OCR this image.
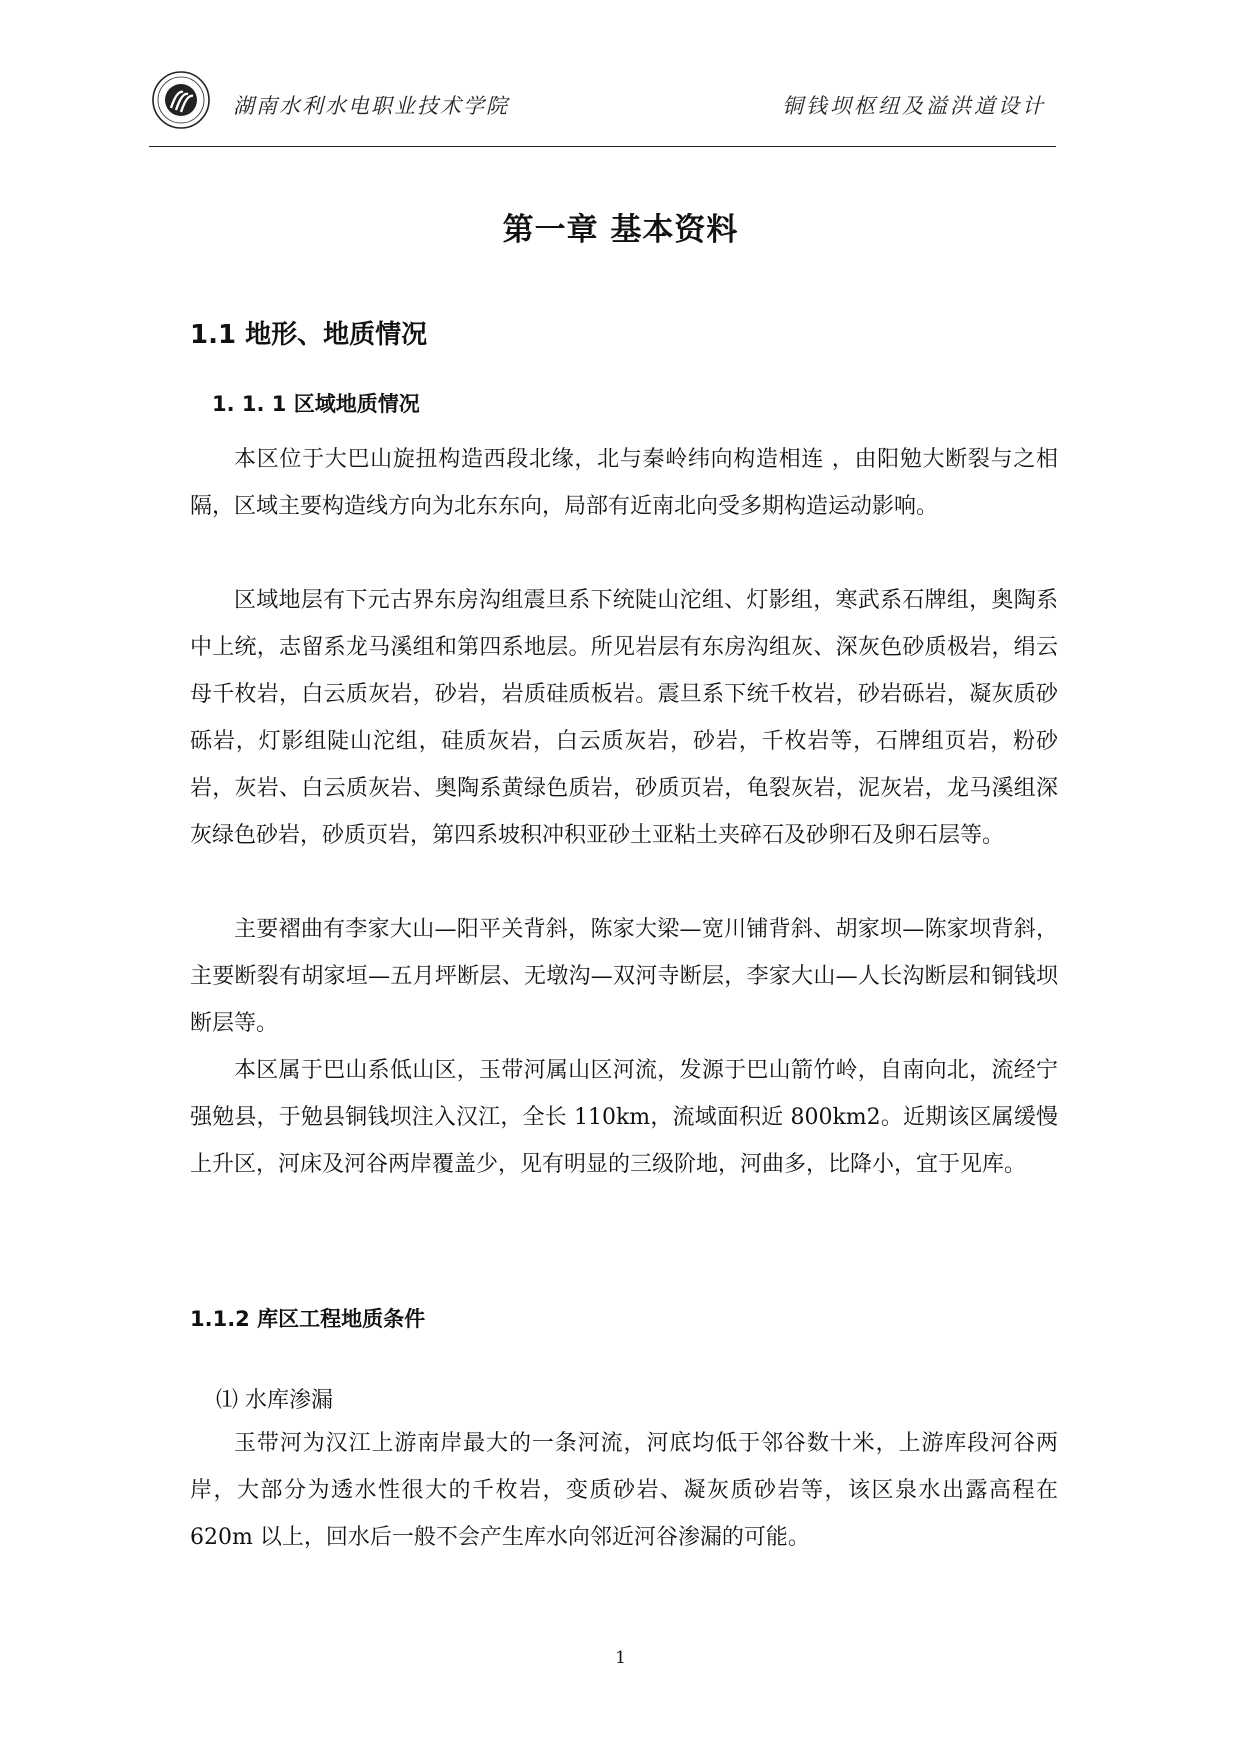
湖南水利水电职业技术学院	铜钱坝枢纽及溢洪道设计
第一章 基本资料
1.1 地形、地质情况
1. 1. 1 区域地质情况
本区位于大巴山旋扭构造西段北缘，北与秦岭纬向构造相连 ，由阳勉大断裂与之相隔，区域主要构造线方向为北东东向，局部有近南北向受多期构造运动影响。
区域地层有下元古界东房沟组震旦系下统陡山沱组、灯影组，寒武系石牌组，奥陶系中上统，志留系龙马溪组和第四系地层。所见岩层有东房沟组灰、深灰色砂质极岩，绢云母千枚岩，白云质灰岩，砂岩，岩质硅质板岩。震旦系下统千枚岩，砂岩砾岩，凝灰质砂砾岩，灯影组陡山沱组，硅质灰岩，白云质灰岩，砂岩，千枚岩等，石牌组页岩，粉砂岩，灰岩、白云质灰岩、奥陶系黄绿色质岩，砂质页岩，龟裂灰岩，泥灰岩，龙马溪组深灰绿色砂岩，砂质页岩，第四系坡积冲积亚砂土亚粘土夹碎石及砂卵石及卵石层等。
主要褶曲有李家大山—阳平关背斜，陈家大梁—宽川铺背斜、胡家坝—陈家坝背斜，主要断裂有胡家垣—五月坪断层、无墩沟—双河寺断层，李家大山—人长沟断层和铜钱坝断层等。
本区属于巴山系低山区，玉带河属山区河流，发源于巴山箭竹岭，自南向北，流经宁强勉县，于勉县铜钱坝注入汉江，全长 110km，流域面积近 800km2。近期该区属缓慢上升区，河床及河谷两岸覆盖少，见有明显的三级阶地，河曲多，比降小，宜于见库。
1.1.2 库区工程地质条件
⑴ 水库渗漏
玉带河为汉江上游南岸最大的一条河流，河底均低于邻谷数十米，上游库段河谷两岸，大部分为透水性很大的千枚岩，变质砂岩、凝灰质砂岩等，该区泉水出露高程在 620m 以上，回水后一般不会产生库水向邻近河谷渗漏的可能。
1
